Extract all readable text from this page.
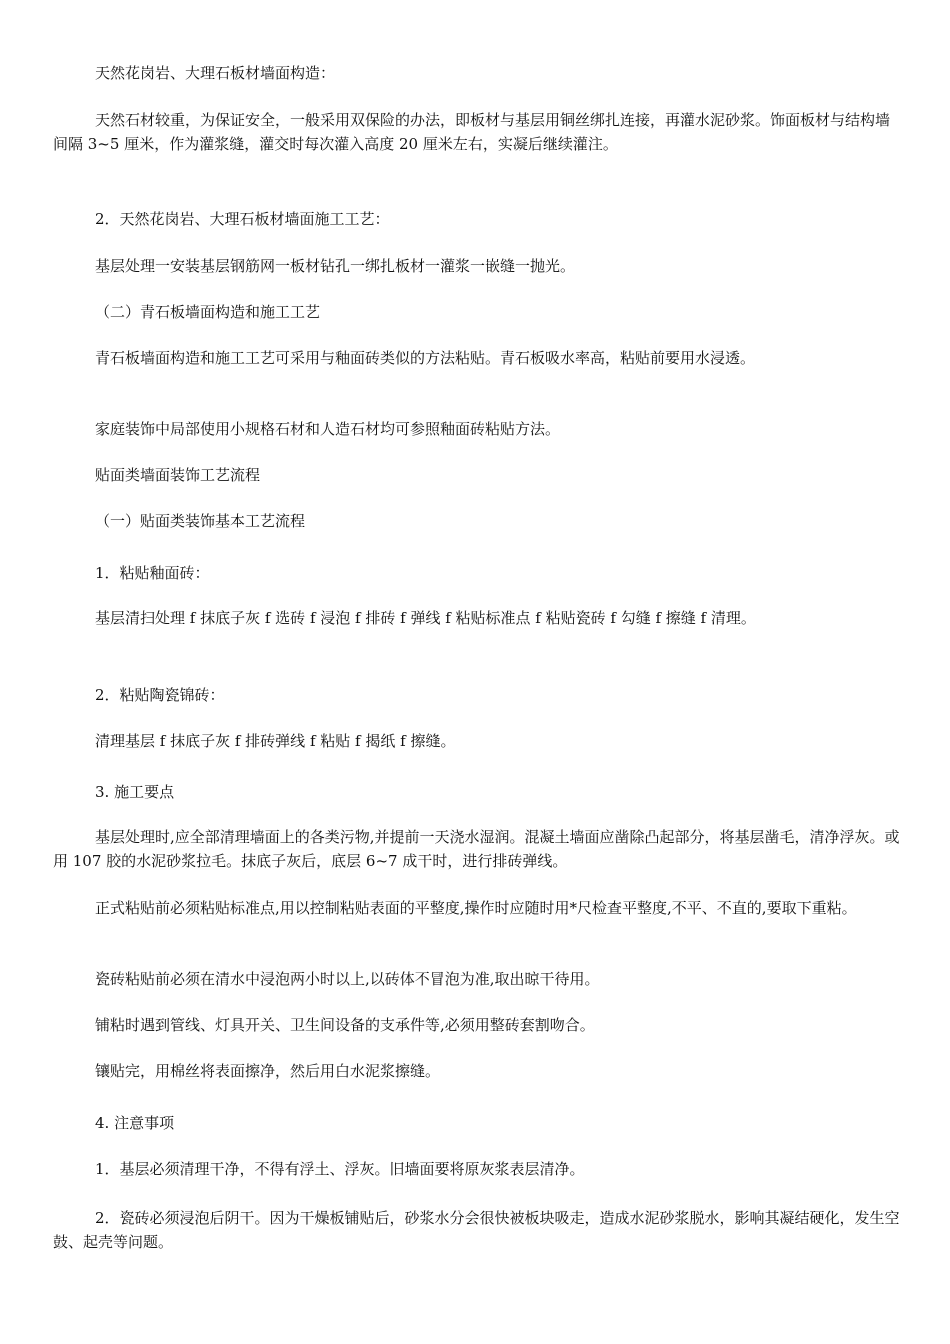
天然花岗岩、大理石板材墙面构造：

天然石材较重，为保证安全，一般采用双保险的办法，即板材与基层用铜丝绑扎连接，再灌水泥砂浆。饰面板材与结构墙间隔 3~5 厘米，作为灌浆缝，灌交时每次灌入高度 20 厘米左右，实凝后继续灌注。

2．天然花岗岩、大理石板材墙面施工工艺：

基层处理一安装基层钢筋网一板材钻孔一绑扎板材一灌浆一嵌缝一抛光。

（二）青石板墙面构造和施工工艺

青石板墙面构造和施工工艺可采用与釉面砖类似的方法粘贴。青石板吸水率高，粘贴前要用水浸透。

家庭装饰中局部使用小规格石材和人造石材均可参照釉面砖粘贴方法。

贴面类墙面装饰工艺流程

（一）贴面类装饰基本工艺流程

1．粘贴釉面砖：

基层清扫处理 f 抹底子灰 f 选砖 f 浸泡 f 排砖 f 弹线 f 粘贴标准点 f 粘贴瓷砖 f 勾缝 f 擦缝 f 清理。

2．粘贴陶瓷锦砖：

清理基层 f 抹底子灰 f 排砖弹线 f 粘贴 f 揭纸 f 擦缝。

3. 施工要点

基层处理时,应全部清理墙面上的各类污物,并提前一天浇水湿润。混凝土墙面应凿除凸起部分，将基层凿毛，清净浮灰。或用 107 胶的水泥砂浆拉毛。抹底子灰后，底层 6~7 成干时，进行排砖弹线。

正式粘贴前必须粘贴标准点,用以控制粘贴表面的平整度,操作时应随时用*尺检查平整度,不平、不直的,要取下重粘。

瓷砖粘贴前必须在清水中浸泡两小时以上,以砖体不冒泡为准,取出晾干待用。

铺粘时遇到管线、灯具开关、卫生间设备的支承件等,必须用整砖套割吻合。

镶贴完，用棉丝将表面擦净，然后用白水泥浆擦缝。

4. 注意事项

1．基层必须清理干净，不得有浮土、浮灰。旧墙面要将原灰浆表层清净。

2．瓷砖必须浸泡后阴干。因为干燥板铺贴后，砂浆水分会很快被板块吸走，造成水泥砂浆脱水，影响其凝结硬化，发生空鼓、起壳等问题。
